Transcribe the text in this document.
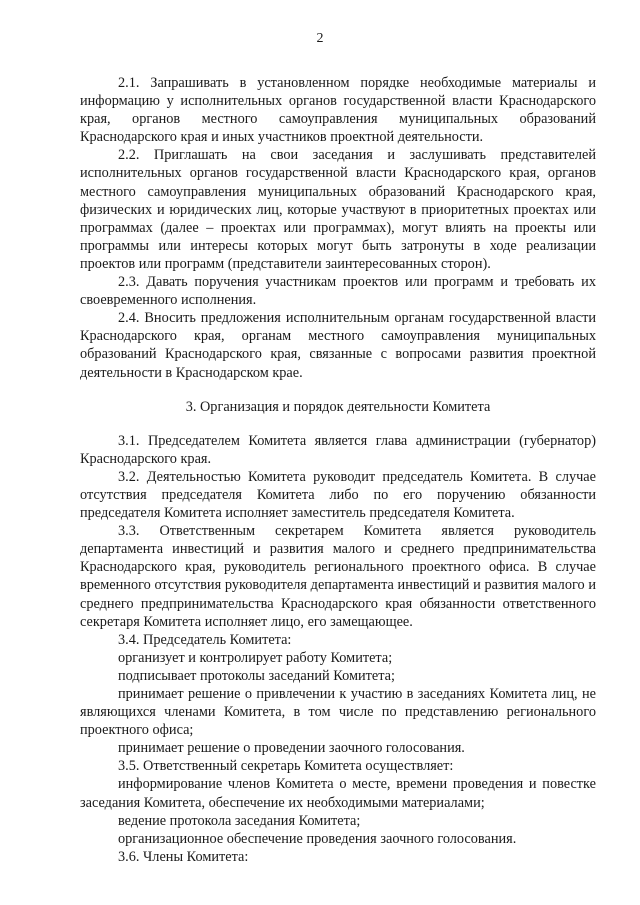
2

2.1. Запрашивать в установленном порядке необходимые материалы и информацию у исполнительных органов государственной власти Краснодарского края, органов местного самоуправления муниципальных образований Краснодарского края и иных участников проектной деятельности.

2.2. Приглашать на свои заседания и заслушивать представителей исполнительных органов государственной власти Краснодарского края, органов местного самоуправления муниципальных образований Краснодарского края, физических и юридических лиц, которые участвуют в приоритетных проектах или программах (далее – проектах или программах), могут влиять на проекты или программы или интересы которых могут быть затронуты в ходе реализации проектов или программ (представители заинтересованных сторон).

2.3. Давать поручения участникам проектов или программ и требовать их своевременного исполнения.

2.4. Вносить предложения исполнительным органам государственной власти Краснодарского края, органам местного самоуправления муниципальных образований Краснодарского края, связанные с вопросами развития проектной деятельности в Краснодарском крае.

3. Организация и порядок деятельности Комитета

3.1. Председателем Комитета является глава администрации (губернатор) Краснодарского края.

3.2. Деятельностью Комитета руководит председатель Комитета. В случае отсутствия председателя Комитета либо по его поручению обязанности председателя Комитета исполняет заместитель председателя Комитета.

3.3. Ответственным секретарем Комитета является руководитель департамента инвестиций и развития малого и среднего предпринимательства Краснодарского края, руководитель регионального проектного офиса. В случае временного отсутствия руководителя департамента инвестиций и развития малого и среднего предпринимательства Краснодарского края обязанности ответственного секретаря Комитета исполняет лицо, его замещающее.

3.4. Председатель Комитета:

организует и контролирует работу Комитета;

подписывает протоколы заседаний Комитета;

принимает решение о привлечении к участию в заседаниях Комитета лиц, не являющихся членами Комитета, в том числе по представлению регионального проектного офиса;

принимает решение о проведении заочного голосования.

3.5. Ответственный секретарь Комитета осуществляет:

информирование членов Комитета о месте, времени проведения и повестке заседания Комитета, обеспечение их необходимыми материалами;

ведение протокола заседания Комитета;

организационное обеспечение проведения заочного голосования.

3.6. Члены Комитета:
